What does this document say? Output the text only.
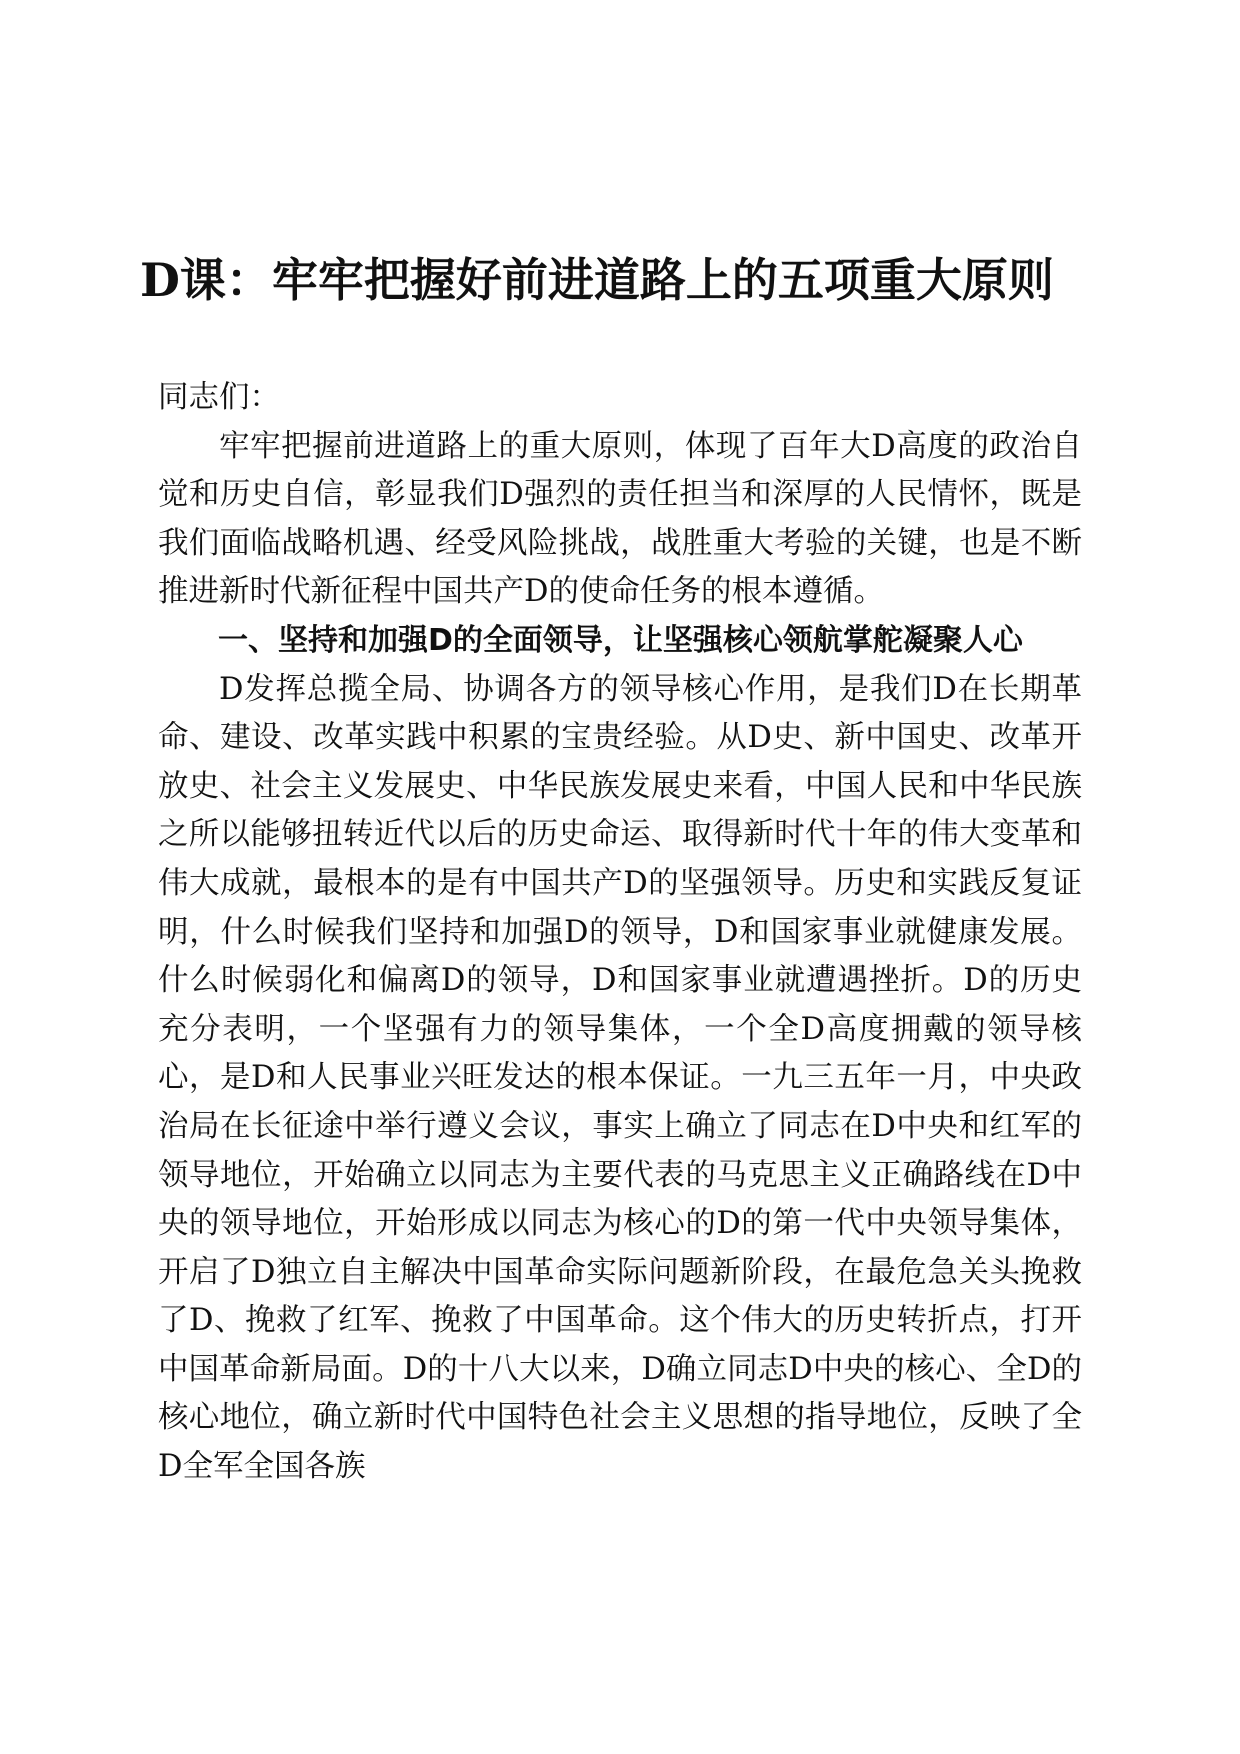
D课：牢牢把握好前进道路上的五项重大原则

同志们：

牢牢把握前进道路上的重大原则，体现了百年大D高度的政治自觉和历史自信，彰显我们D强烈的责任担当和深厚的人民情怀，既是我们面临战略机遇、经受风险挑战，战胜重大考验的关键，也是不断推进新时代新征程中国共产D的使命任务的根本遵循。

一、坚持和加强D的全面领导，让坚强核心领航掌舵凝聚人心

D发挥总揽全局、协调各方的领导核心作用，是我们D在长期革命、建设、改革实践中积累的宝贵经验。从D史、新中国史、改革开放史、社会主义发展史、中华民族发展史来看，中国人民和中华民族之所以能够扭转近代以后的历史命运、取得新时代十年的伟大变革和伟大成就，最根本的是有中国共产D的坚强领导。历史和实践反复证明，什么时候我们坚持和加强D的领导，D和国家事业就健康发展。什么时候弱化和偏离D的领导，D和国家事业就遭遇挫折。D的历史充分表明，一个坚强有力的领导集体，一个全D高度拥戴的领导核心，是D和人民事业兴旺发达的根本保证。一九三五年一月，中央政治局在长征途中举行遵义会议，事实上确立了同志在D中央和红军的领导地位，开始确立以同志为主要代表的马克思主义正确路线在D中央的领导地位，开始形成以同志为核心的D的第一代中央领导集体，开启了D独立自主解决中国革命实际问题新阶段，在最危急关头挽救了D、挽救了红军、挽救了中国革命。这个伟大的历史转折点，打开中国革命新局面。D的十八大以来，D确立同志D中央的核心、全D的核心地位，确立新时代中国特色社会主义思想的指导地位，反映了全D全军全国各族
